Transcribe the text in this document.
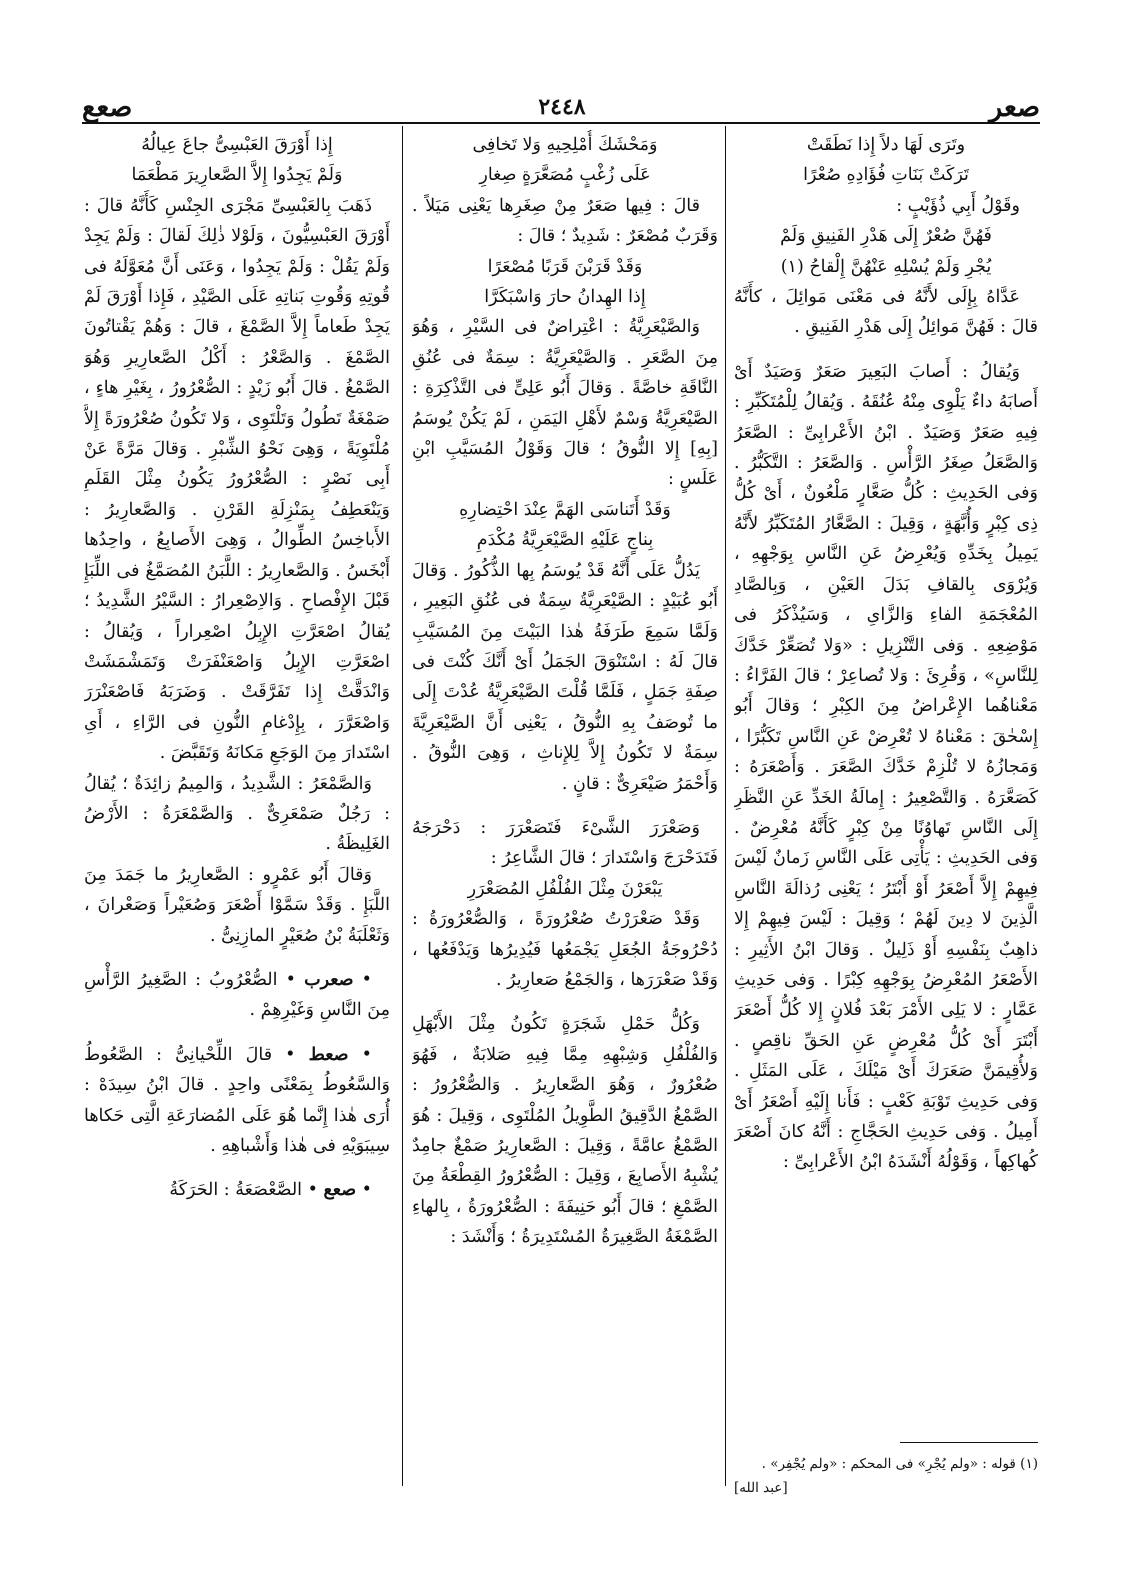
صعر
٢٤٤٨
صعع

وتَرَى لَهَا دلاً إِذا نَطَقَتْ

تَرَكَتْ بَنَاتِ فُؤَادِهِ صُعْرًا

وقَوْلُ أَبِي ذُؤَيْبٍ :

فَهُنَّ صُعْرٌ إِلَى هَدْرِ الفَنِيقِ وَلَمْ

يُجْرِ وَلَمْ يُسْلِهِ عَنْهُنَّ إِلْقاحُ (١)

عَدَّاهُ بِإِلَى لأَنَّهُ فى مَعْنَى مَوائِلَ ، كأَنَّهُ قالَ : فَهُنَّ مَوائِلُ إِلَى هَدْرِ الفَنِيقِ .

وَيُقالُ : أَصابَ البَعِيرَ صَعَرٌ وَصَيَدٌ أَىْ أَصابَهُ داءٌ يَلْوِى مِنْهُ عُنُقَهُ . وَيُقالُ لِلْمُتَكَبِّرِ : فِيهِ صَعَرٌ وَصَيَدٌ . ابْنُ الأَعْرابِىِّ : الصَّعَرُ وَالصَّعَلُ صِغَرُ الرَّأْسِ . وَالصَّعَرُ : التَّكَبُّرُ . وَفى الحَدِيثِ : كُلُّ صَعَّارٍ مَلْعُونٌ ، أَىْ كُلُّ ذِى كِبْرٍ وَأُبَّهَةٍ ، وَقِيلَ : الصَّعَّارُ المُتَكَبِّرُ لأَنَّهُ يَمِيلُ بِخَدِّهِ وَيُعْرِضُ عَنِ النَّاسِ بِوَجْهِهِ ، وَيُرْوَى بِالقافِ بَدَلَ العَيْنِ ، وَبِالصَّادِ المُعْجَمَةِ الفاءِ وَالزَّاىِ ، وَسَيُذْكَرُ فى مَوْضِعِهِ . وَفى التَّنْزِيلِ : «وَلا تُصَعِّرْ خَدَّكَ لِلنَّاسِ» ، وَقُرِئَ : وَلا تُصاعِرْ ؛ قالَ الفَرَّاءُ : مَعْناهُما الإِعْراضُ مِنَ الكِبْرِ ؛ وَقالَ أَبُو إِسْحٰقَ : مَعْناهُ لا تُعْرِضْ عَنِ النَّاسِ تَكَبُّرًا ، وَمَجازُهُ لا تُلْزِمْ خَدَّكَ الصَّعَرَ . وَأَصْعَرَهُ : كَصَعَّرَهُ . وَالتَّصْعِيرُ : إِمالَةُ الخَدِّ عَنِ النَّظَرِ إِلَى النَّاسِ تَهاوُنًا مِنْ كِبْرٍ كَأَنَّهُ مُعْرِضٌ . وَفى الحَدِيثِ : يَأْتِى عَلَى النَّاسِ زَمانٌ لَيْسَ فِيهِمْ إِلاَّ أَصْعَرُ أَوْ أَبْتَرُ ؛ يَعْنِى رُذالَةَ النَّاسِ الَّذِينَ لا دِينَ لَهُمْ ؛ وَقِيلَ : لَيْسَ فِيهِمْ إِلا ذاهِبٌ بِنَفْسِهِ أَوْ ذَلِيلٌ . وَقالَ ابْنُ الأَثِيرِ : الأَصْعَرُ المُعْرِضُ بِوَجْهِهِ كِبْرًا . وَفى حَدِيثِ عَمَّارٍ : لا يَلِى الأَمْرَ بَعْدَ فُلانٍ إِلا كُلُّ أَصْعَرَ أَبْتَرَ أَىْ كُلُّ مُعْرِضٍ عَنِ الحَقِّ ناقِصٍ . وَلأُقِيمَنَّ صَعَرَكَ أَىْ مَيْلَكَ ، عَلَى المَثَلِ . وَفى حَدِيثِ تَوْبَةِ كَعْبٍ : فَأَنا إِلَيْهِ أَصْعَرُ أَىْ أَمِيلُ . وَفى حَدِيثِ الحَجَّاجِ : أَنَّهُ كانَ أَصْعَرَ كُهاكِهاً ، وَقَوْلُهُ أَنْشَدَهُ ابْنُ الأَعْرابِىِّ :

(١) قوله : «ولم يُجْرِ» فى المحكم : «ولم يُجْفِر» .
[عبد الله]

وَمَحْشَكَ أُمْلِحِيهِ وَلا تَخافِى

عَلَى زُغْبٍ مُصَعَّرَةٍ صِغارِ

قالَ : فِيها صَعَرٌ مِنْ صِغَرِها يَعْنِى مَيَلاً . وَقَرَبٌ مُصْعَرٌ : شَدِيدٌ ؛ قالَ :

وَقَدْ قَرَبْنَ قَرَبًا مُصْعَرًا

إِذا الهِدانُ حارَ وَاسْبَكَرَّا

وَالصَّيْعَرِيَّةُ : اعْتِراضٌ فى السَّيْرِ ، وَهُوَ مِنَ الصَّعَرِ . وَالصَّيْعَرِيَّةُ : سِمَةٌ فى عُنُقِ النَّاقَةِ خاصَّةً . وَقالَ أَبُو عَلِىٍّ فى التَّذْكِرَةِ : الصَّيْعَرِيَّةُ وَسْمٌ لأَهْلِ اليَمَنِ ، لَمْ يَكُنْ يُوسَمُ [بِهِ] إِلا النُّوقُ ؛ قالَ وَقَوْلُ المُسَيَّبِ ابْنِ عَلَسٍ :

وَقَدْ أَتَناسَى الهَمَّ عِنْدَ احْتِضارِهِ

بِناجٍ عَلَيْهِ الصَّيْعَرِيَّةُ مُكْدَمِ

يَدُلُّ عَلَى أَنَّهُ قَدْ يُوسَمُ بِها الذُّكُورُ . وَقالَ أَبُو عُبَيْدٍ : الصَّيْعَرِيَّةُ سِمَةٌ فى عُنُقِ البَعِيرِ ، وَلَمَّا سَمِعَ طَرَفَةُ هٰذا البَيْتَ مِنَ المُسَيَّبِ قالَ لَهُ : اسْتَنْوَقَ الجَمَلُ أَىْ أَنَّكَ كُنْتَ فى صِفَةِ جَمَلٍ ، فَلَمَّا قُلْتَ الصَّيْعَرِيَّةُ عُدْتَ إِلَى ما تُوصَفُ بِهِ النُّوقُ ، يَعْنِى أَنَّ الصَّيْعَرِيَّةَ سِمَةٌ لا تَكُونُ إِلاَّ لِلإِناثِ ، وَهِىَ النُّوقُ . وَأَحْمَرُ صَيْعَرِىٌّ : قانٍ .

وَصَعْرَرَ الشَّىْءَ فَتَصَعْرَرَ : دَحْرَجَهُ فَتَدَحْرَجَ وَاسْتَدارَ ؛ قالَ الشَّاعِرُ :

يَبْعَرْنَ مِثْلَ الفُلْفُلِ المُصَعْرَرِ

وَقَدْ صَعْرَرْتُ صُعْرُورَةً ، وَالصُّعْرُورَةُ : دُحْرُوجَةُ الجُعَلِ يَجْمَعُها فَيُدِيرُها وَيَدْفَعُها ، وَقَدْ صَعْرَرَها ، وَالجَمْعُ صَعارِيرُ .

وَكُلُّ حَمْلِ شَجَرَةٍ تَكُونُ مِثْلَ الأَبْهَلِ وَالفُلْفُلِ وَشِبْهِهِ مِمَّا فِيهِ صَلابَةٌ ، فَهُوَ صُعْرُورٌ ، وَهُوَ الصَّعارِيرُ . وَالصُّعْرُورُ : الصَّمْغُ الدَّقِيقُ الطَّوِيلُ المُلْتَوِى ، وَقِيلَ : هُوَ الصَّمْغُ عامَّةً ، وَقِيلَ : الصَّعارِيرُ صَمْغٌ جامِدٌ يُشْبِهُ الأَصابِعَ ، وَقِيلَ : الصُّعْرُورُ القِطْعَةُ مِنَ الصَّمْغِ ؛ قالَ أَبُو حَنِيفَةَ : الصُّعْرُورَةُ ، بِالهاءِ الصَّمْغَةُ الصَّغِيرَةُ المُسْتَدِيرَةُ ؛ وَأَنْشَدَ :

إِذا أَوْرَقَ العَبْسِىُّ جاعَ عِيالُهُ

وَلَمْ يَجِدُوا إِلاَّ الصَّعارِيرَ مَطْعَمَا

ذَهَبَ بِالعَبْسِىِّ مَجْرَى الجِنْسِ كَأَنَّهُ قالَ : أَوْرَقَ العَبْسِيُّونَ ، وَلَوْلا ذٰلِكَ لَقالَ : وَلَمْ يَجِدْ وَلَمْ يَقُلْ : وَلَمْ يَجِدُوا ، وَعَنَى أَنَّ مُعَوَّلَهُ فى قُوتِهِ وَقُوتِ بَناتِهِ عَلَى الصَّيْدِ ، فَإِذا أَوْرَقَ لَمْ يَجِدْ طَعاماً إِلاَّ الصَّمْغَ ، قالَ : وَهُمْ يَقْتاتُونَ الصَّمْغَ . وَالصَّعْرُ : أَكْلُ الصَّعارِيرِ وَهُوَ الصَّمْغُ . قالَ أَبُو زَيْدٍ : الصُّعْرُورُ ، بِغَيْرِ هاءٍ ، صَمْغَةٌ تَطُولُ وَتَلْتَوِى ، وَلا تَكُونُ صُعْرُورَةً إِلاَّ مُلْتَوِيَةً ، وَهِىَ نَحْوُ الشِّبْرِ . وَقالَ مَرَّةً عَنْ أَبِى نَصْرٍ : الصُّعْرُورُ يَكُونُ مِثْلَ القَلَمِ وَيَنْعَطِفُ بِمَنْزِلَةِ القَرْنِ . وَالصَّعارِيرُ : الأَباخِسُ الطِّوالُ ، وَهِىَ الأَصابِعُ ، واحِدُها أَبْخَسُ . وَالصَّعارِيرُ : اللَّبَنُ المُصَمَّغُ فى اللِّبَإِ قَبْلَ الإِفْصاحِ . وَالاِصْعِرارُ : السَّيْرُ الشَّدِيدُ ؛ يُقالُ اصْعَرَّتِ الإِبِلُ اصْعِراراً ، وَيُقالُ : اصْعَرَّتِ الإِبِلُ وَاصْعَنْفَرَتْ وَتَمَشْمَشَتْ وَانْدَقَّتْ إِذا تَفَرَّقَتْ . وَضَرَبَهُ فَاصْعَنْرَرَ وَاصْعَرَّرَ ، بِإِدْغامِ النُّونِ فى الرَّاءِ ، أَىِ اسْتَدارَ مِنَ الوَجَعِ مَكانَهُ وَتَقَبَّضَ .

وَالصَّمْعَرُ : الشَّدِيدُ ، وَالمِيمُ زائِدَةٌ ؛ يُقالُ : رَجُلٌ صَمْعَرِىٌّ . وَالصَّمْعَرَةُ : الأَرْضُ الغَلِيظَةُ .

وَقالَ أَبُو عَمْرٍو : الصَّعارِيرُ ما جَمَدَ مِنَ اللَّبَإِ . وَقَدْ سَمَّوْا أَصْعَرَ وَصُعَيْراً وَصَعْرانَ ، وَثَعْلَبَةُ بْنُ صُعَيْرٍ المازِنِىُّ .

• صعرب • الصُّعْرُوبُ : الصَّغِيرُ الرَّأْسِ مِنَ النَّاسِ وَغَيْرِهِمْ .

• صعط • قالَ اللِّحْيانِىُّ : الصَّعُوطُ وَالسَّعُوطُ بِمَعْنًى واحِدٍ . قالَ ابْنُ سِيدَهْ : أُرَى هٰذا إِنَّما هُوَ عَلَى المُضارَعَةِ الَّتِى حَكاها سِيبَوَيْهِ فى هٰذا وَأَشْباهِهِ .

• صعع • الصَّعْصَعَةُ : الحَرَكَةُ
